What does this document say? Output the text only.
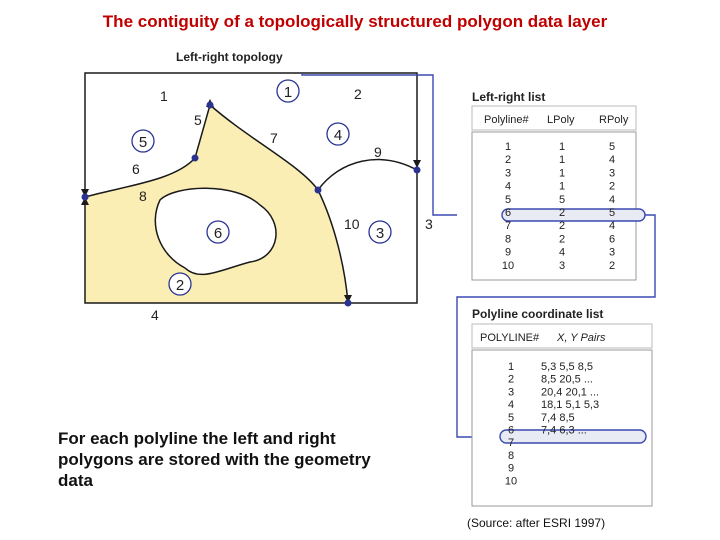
The contiguity of a topologically structured polygon data layer
Left-right topology
1
5	4
6	3
2
1	2
5
7
6
9
8
10	3
4
Left-right list
Polyline# LPoly RPoly
1	1	5
2	1	4
3	1	3
4	1	2
5	5	4
6	2	5
7	2	4
8	2	6
9	4	3
10	3	2
Polyline coordinate list
POLYLINE# X, Y Pairs
1 5,3 5,5 8,5
2 8,5 20,5 ...
3 20,4 20,1 ...
4 18,1 5,1 5,3
5 7,4 8,5
6 7,4 6,3 ...
7
8
9
10
For each polyline the left and right polygons are stored with the geometry data
(Source: after ESRI 1997)
